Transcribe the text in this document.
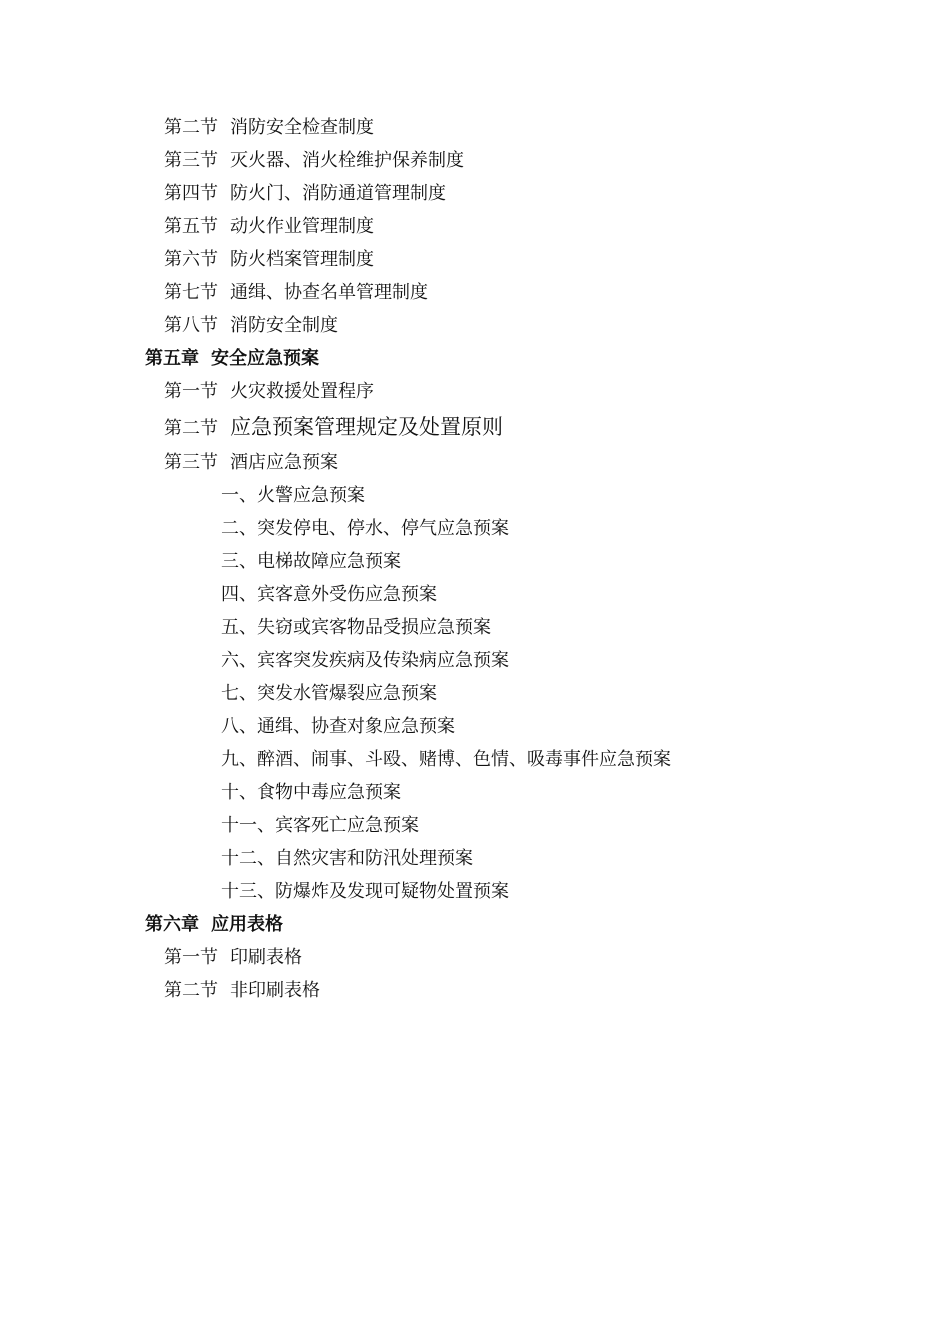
第二节 消防安全检查制度
第三节 灭火器、消火栓维护保养制度
第四节 防火门、消防通道管理制度
第五节 动火作业管理制度
第六节 防火档案管理制度
第七节 通缉、协查名单管理制度
第八节 消防安全制度
第五章 安全应急预案
第一节 火灾救援处置程序
第二节 应急预案管理规定及处置原则
第三节 酒店应急预案
一、火警应急预案
二、突发停电、停水、停气应急预案
三、电梯故障应急预案
四、宾客意外受伤应急预案
五、失窃或宾客物品受损应急预案
六、宾客突发疾病及传染病应急预案
七、突发水管爆裂应急预案
八、通缉、协查对象应急预案
九、醉酒、闹事、斗殴、赌博、色情、吸毒事件应急预案
十、食物中毒应急预案
十一、宾客死亡应急预案
十二、自然灾害和防汛处理预案
十三、防爆炸及发现可疑物处置预案
第六章 应用表格
第一节 印刷表格
第二节 非印刷表格
